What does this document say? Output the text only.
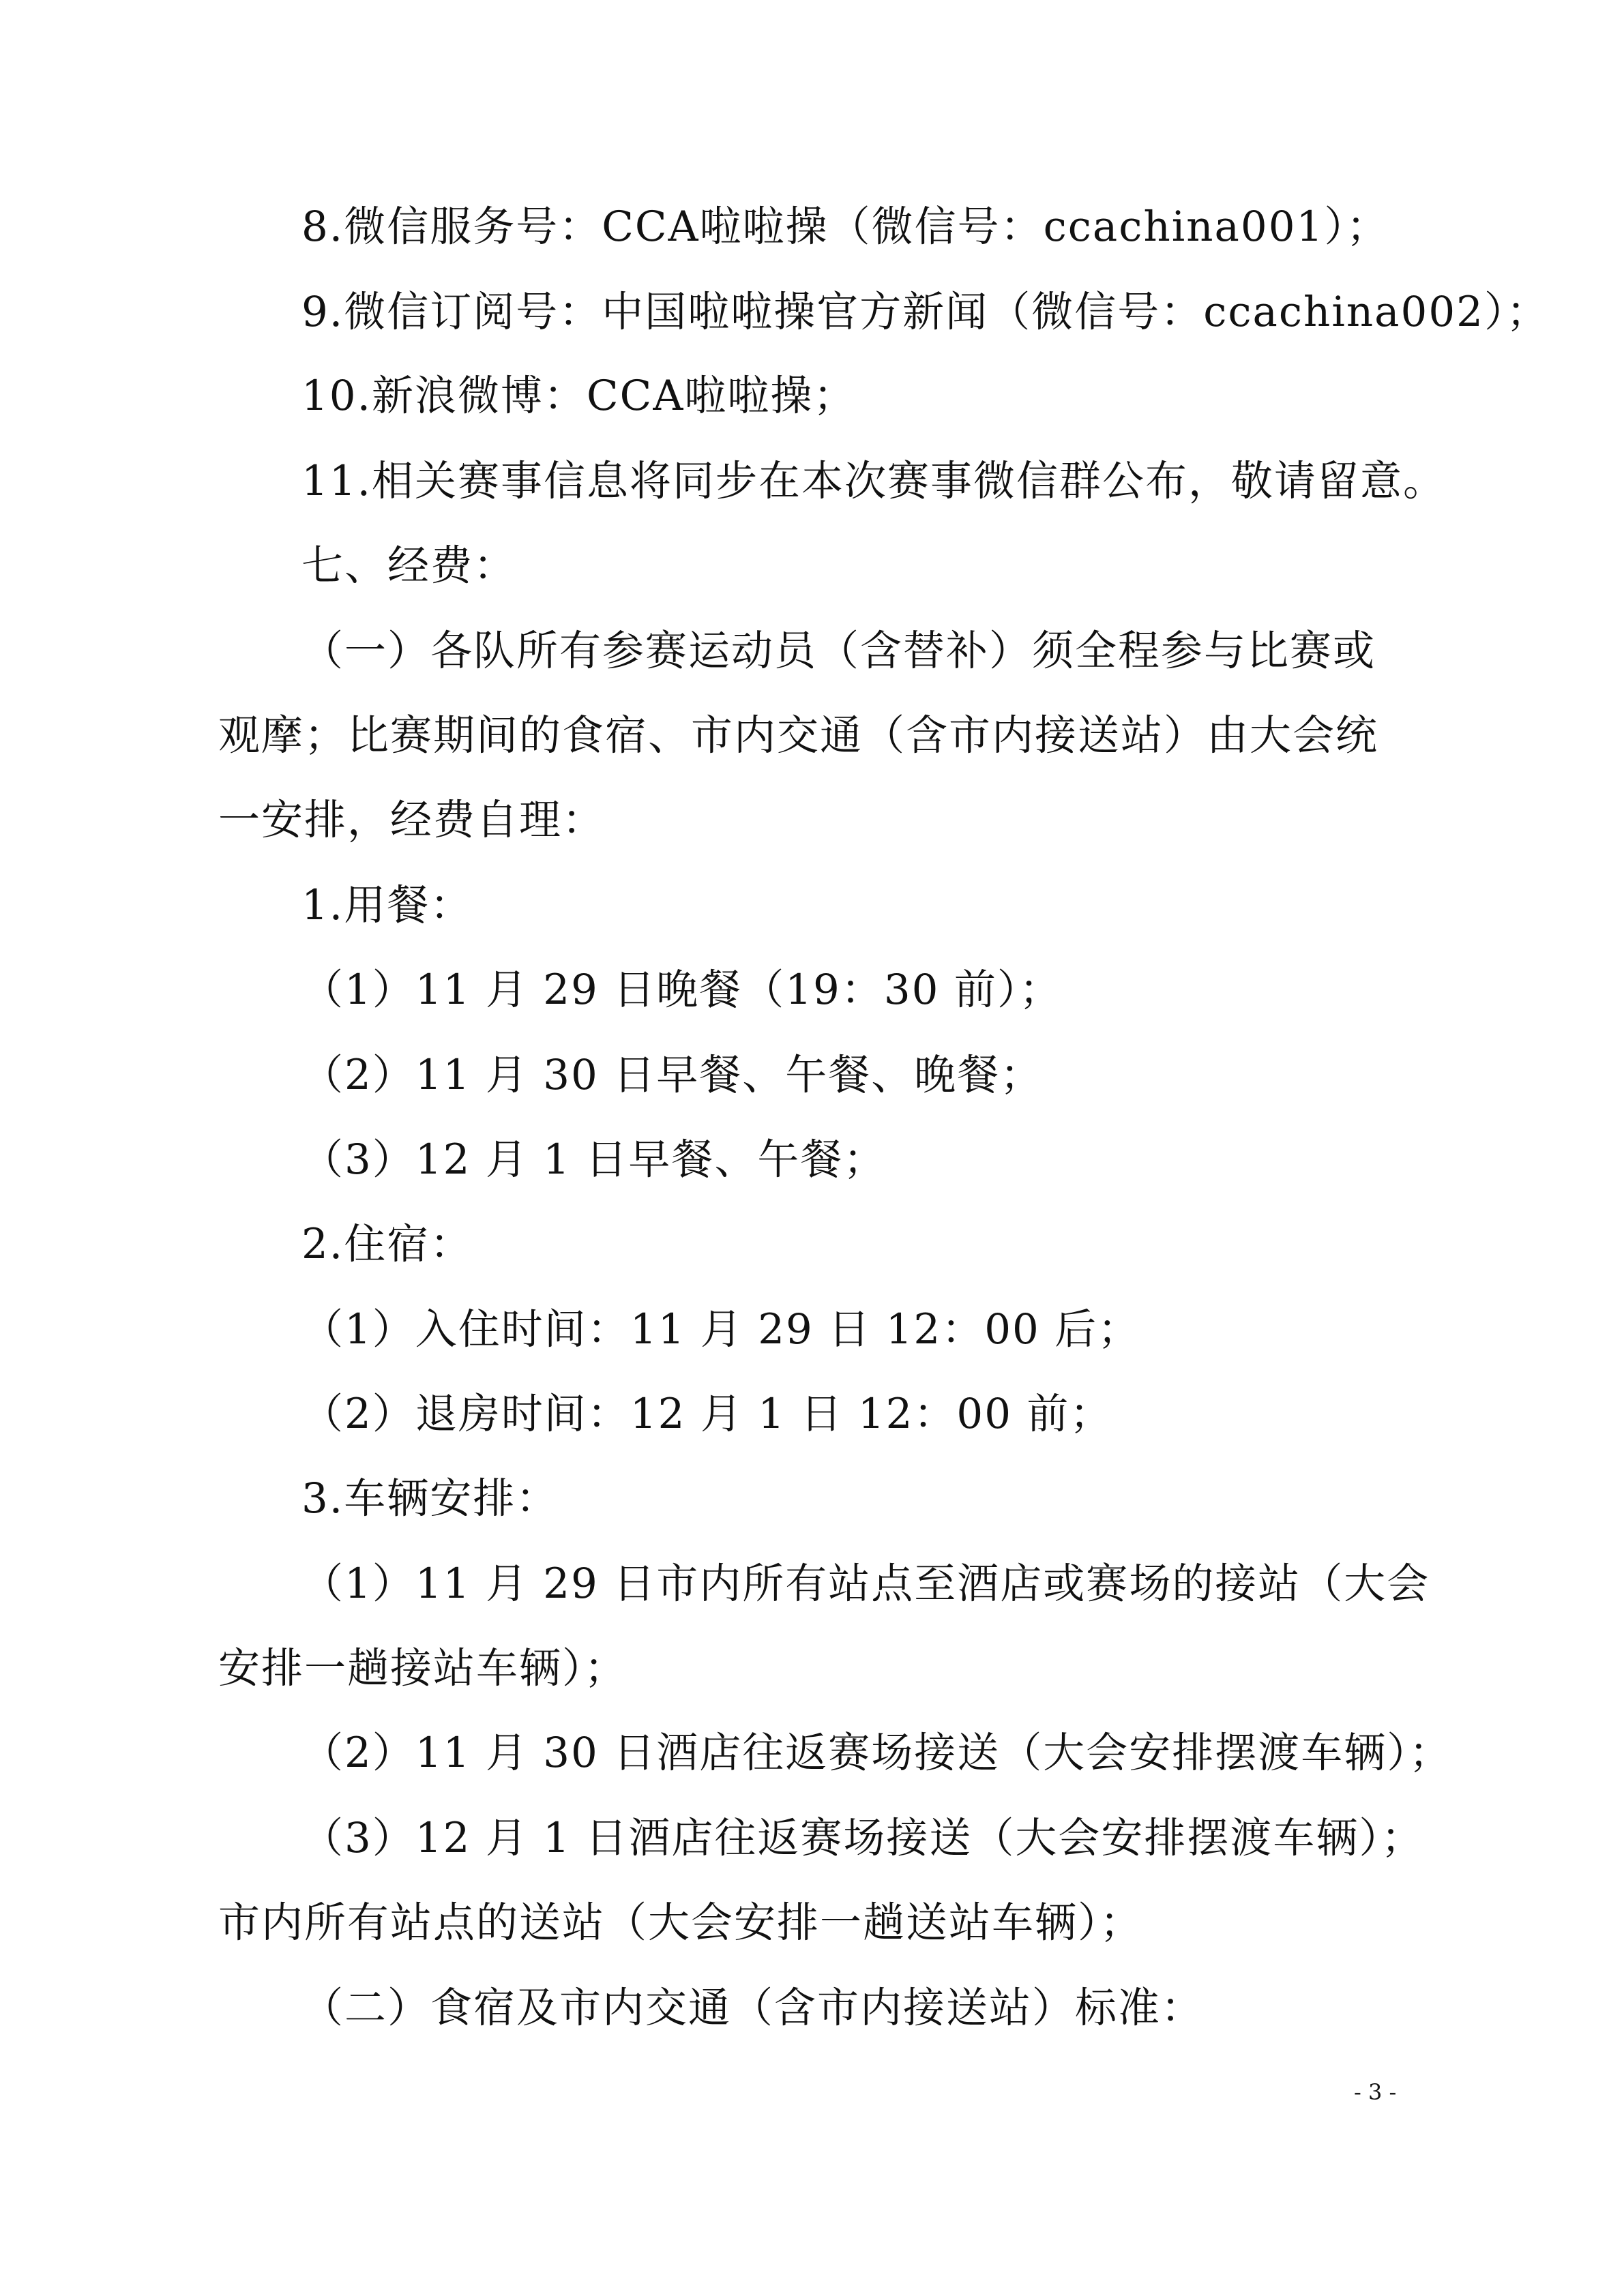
8.微信服务号：CCA啦啦操（微信号：ccachina001）；
9.微信订阅号：中国啦啦操官方新闻（微信号：ccachina002）；
10.新浪微博：CCA啦啦操；
11.相关赛事信息将同步在本次赛事微信群公布，敬请留意。
七、经费：
（一）各队所有参赛运动员（含替补）须全程参与比赛或
观摩；比赛期间的食宿、市内交通（含市内接送站）由大会统
一安排，经费自理：
1.用餐：
（1）11 月 29 日晚餐（19：30 前）；
（2）11 月 30 日早餐、午餐、晚餐；
（3）12 月 1 日早餐、午餐；
2.住宿：
（1）入住时间：11 月 29 日 12：00 后；
（2）退房时间：12 月 1 日 12：00 前；
3.车辆安排：
（1）11 月 29 日市内所有站点至酒店或赛场的接站（大会
安排一趟接站车辆）；
（2）11 月 30 日酒店往返赛场接送（大会安排摆渡车辆）；
（3）12 月 1 日酒店往返赛场接送（大会安排摆渡车辆）；
市内所有站点的送站（大会安排一趟送站车辆）；
（二）食宿及市内交通（含市内接送站）标准：
- 3 -
